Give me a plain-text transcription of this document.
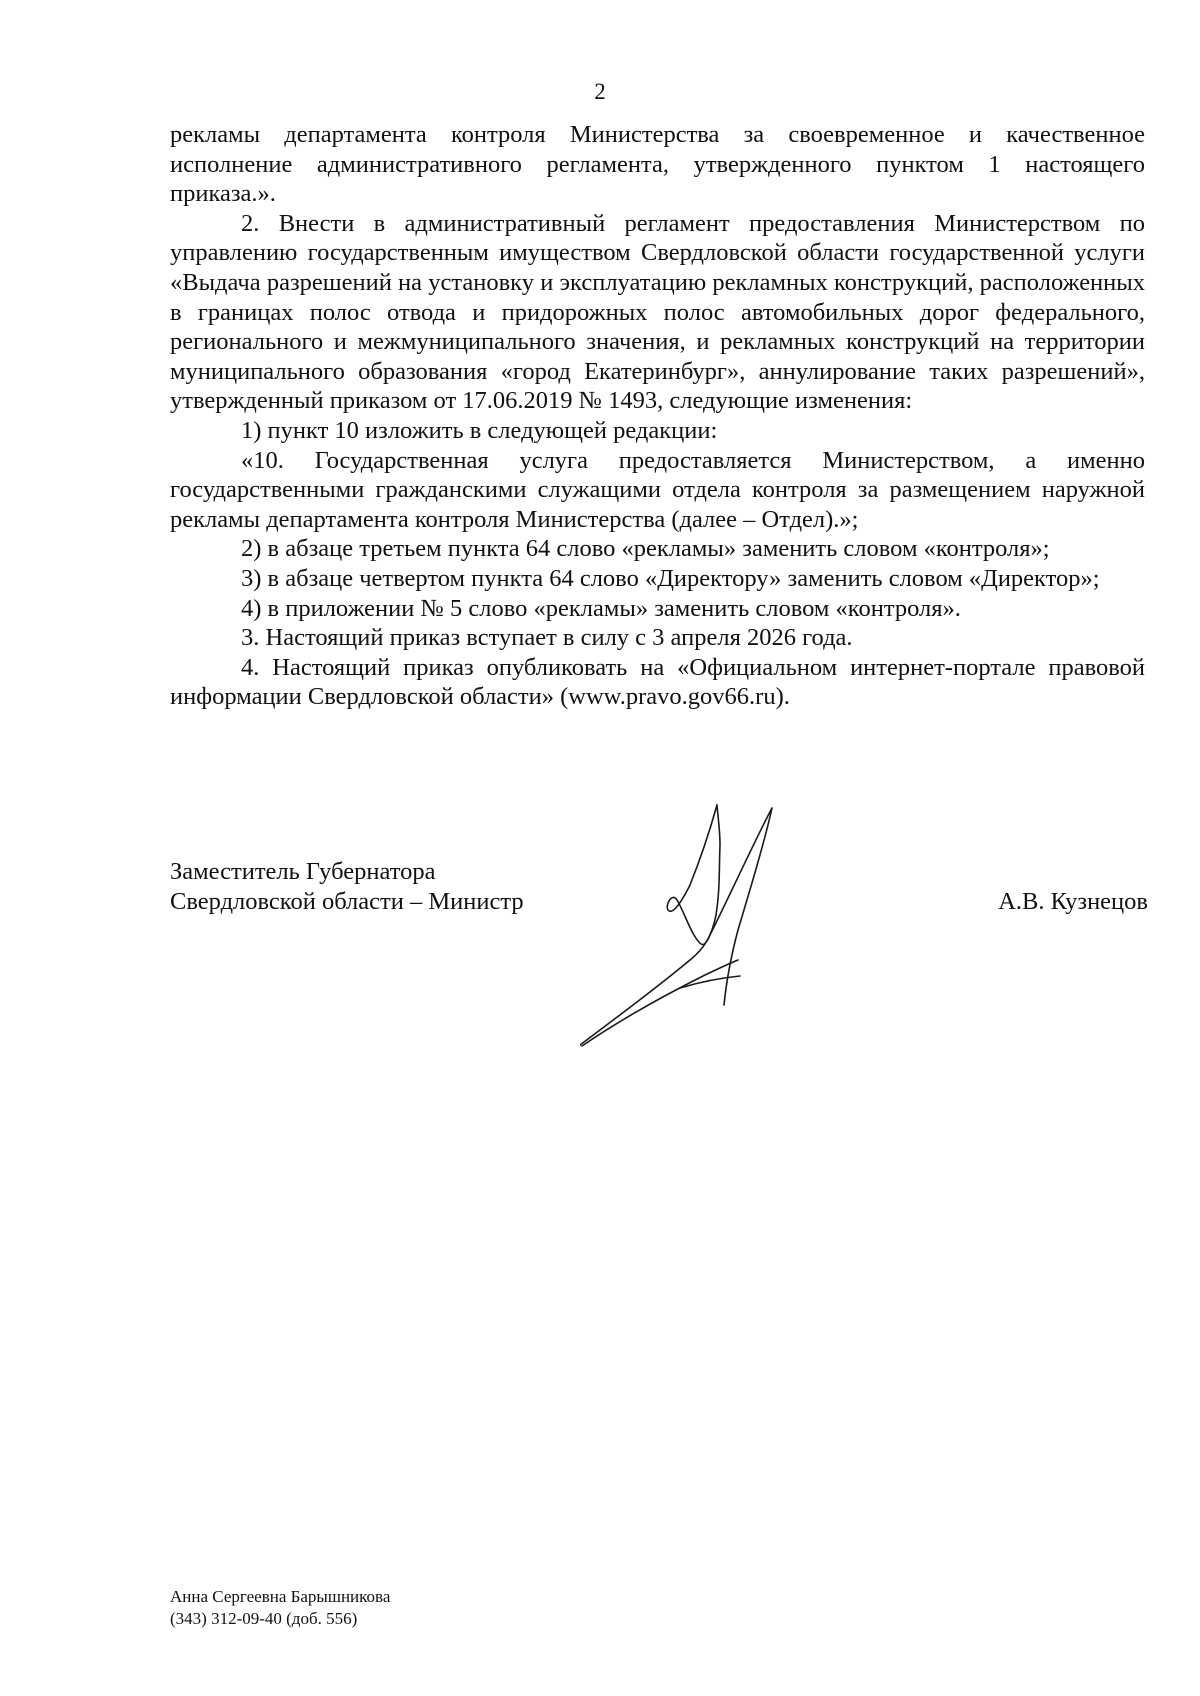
2

рекламы департамента контроля Министерства за своевременное и качественное исполнение административного регламента, утвержденного пунктом 1 настоящего приказа.».

2. Внести в административный регламент предоставления Министерством по управлению государственным имуществом Свердловской области государственной услуги «Выдача разрешений на установку и эксплуатацию рекламных конструкций, расположенных в границах полос отвода и придорожных полос автомобильных дорог федерального, регионального и межмуниципального значения, и рекламных конструкций на территории муниципального образования «город Екатеринбург», аннулирование таких разрешений», утвержденный приказом от 17.06.2019 № 1493, следующие изменения:

1) пункт 10 изложить в следующей редакции:

«10. Государственная услуга предоставляется Министерством, а именно государственными гражданскими служащими отдела контроля за размещением наружной рекламы департамента контроля Министерства (далее – Отдел).»;

2) в абзаце третьем пункта 64 слово «рекламы» заменить словом «контроля»;

3) в абзаце четвертом пункта 64 слово «Директору» заменить словом «Директор»;

4) в приложении № 5 слово «рекламы» заменить словом «контроля».

3. Настоящий приказ вступает в силу с 3 апреля 2026 года.

4. Настоящий приказ опубликовать на «Официальном интернет-портале правовой информации Свердловской области» (www.pravo.gov66.ru).

Заместитель Губернатора
Свердловской области – Министр	А.В. Кузнецов
Анна Сергеевна Барышникова
(343) 312-09-40 (доб. 556)
